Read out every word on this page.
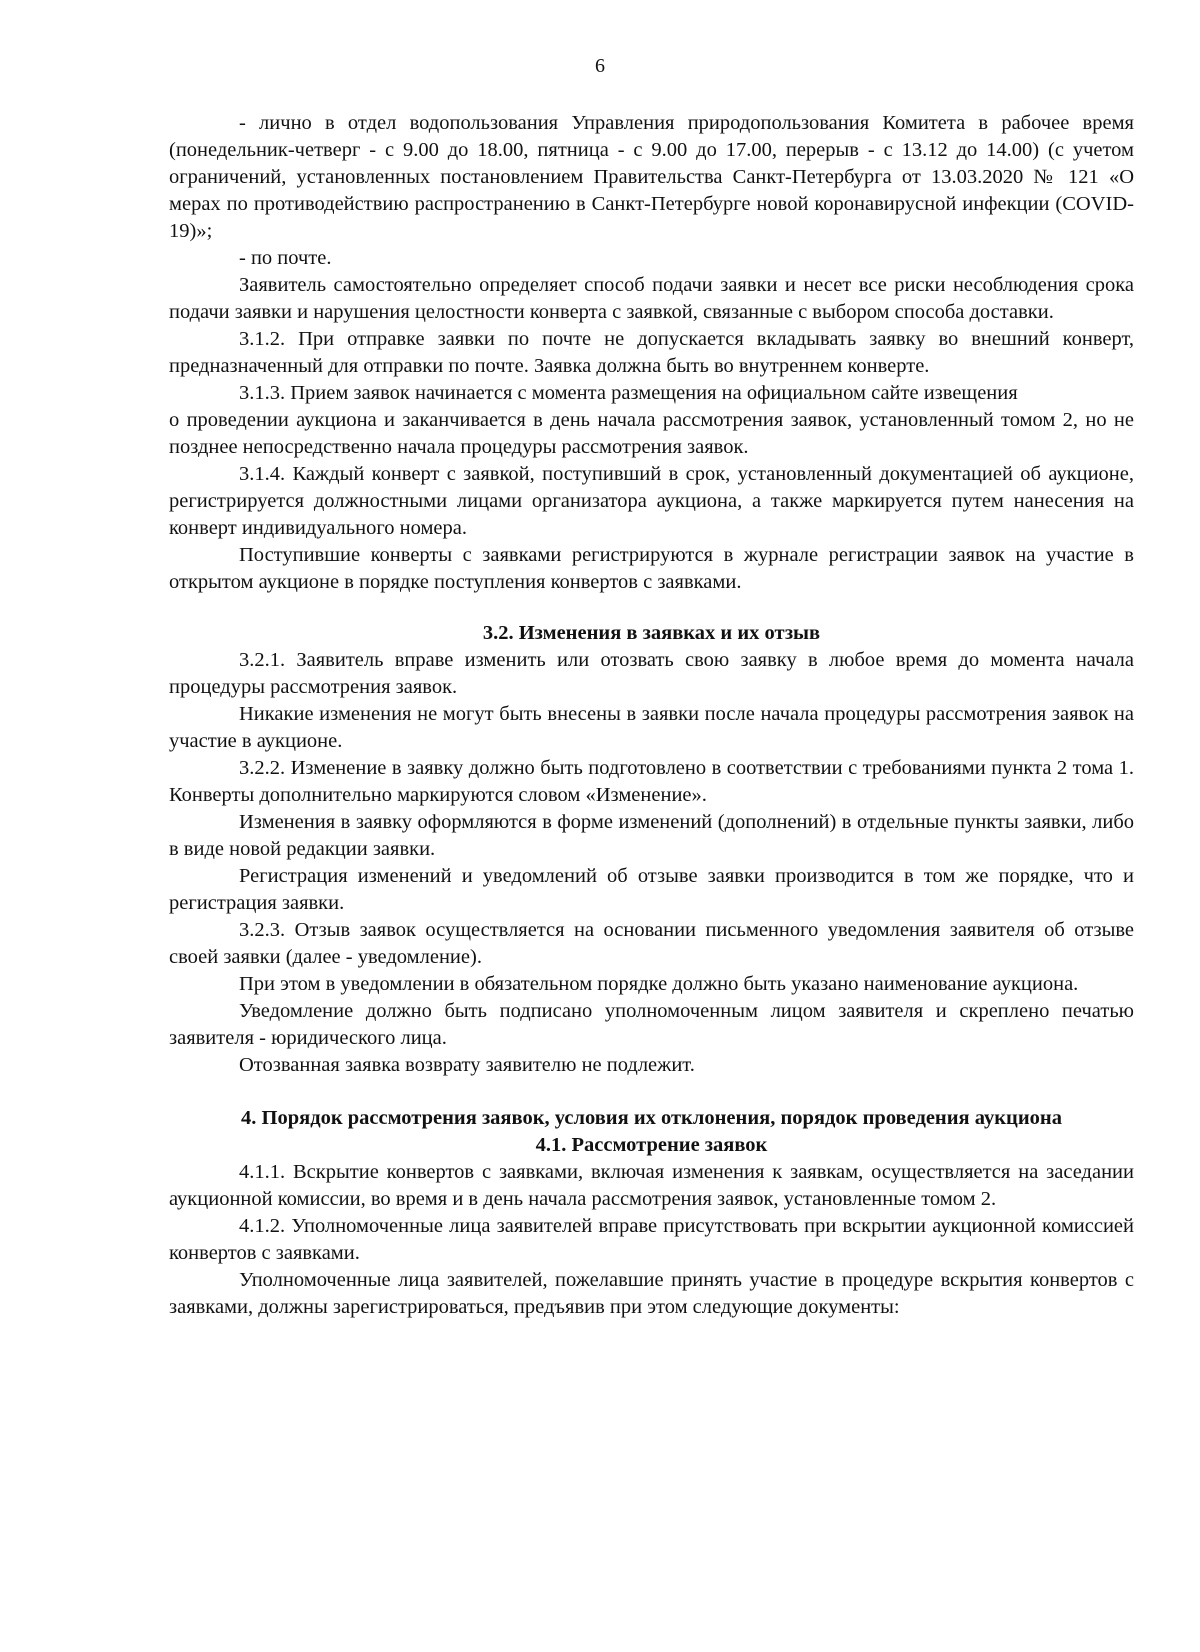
6

- лично в отдел водопользования Управления природопользования Комитета в рабочее время (понедельник-четверг - с 9.00 до 18.00, пятница - с 9.00 до 17.00, перерыв - с 13.12 до 14.00) (с учетом ограничений, установленных постановлением Правительства Санкт-Петербурга от 13.03.2020 № 121 «О мерах по противодействию распространению в Санкт-Петербурге новой коронавирусной инфекции (COVID-19)»;

- по почте.

Заявитель самостоятельно определяет способ подачи заявки и несет все риски несоблюдения срока подачи заявки и нарушения целостности конверта с заявкой, связанные с выбором способа доставки.

3.1.2. При отправке заявки по почте не допускается вкладывать заявку во внешний конверт, предназначенный для отправки по почте. Заявка должна быть во внутреннем конверте.

3.1.3. Прием заявок начинается с момента размещения на официальном сайте извещения

о проведении аукциона и заканчивается в день начала рассмотрения заявок, установленный томом 2, но не позднее непосредственно начала процедуры рассмотрения заявок.

3.1.4. Каждый конверт с заявкой, поступивший в срок, установленный документацией об аукционе, регистрируется должностными лицами организатора аукциона, а также маркируется путем нанесения на конверт индивидуального номера.

Поступившие конверты с заявками регистрируются в журнале регистрации заявок на участие в открытом аукционе в порядке поступления конвертов с заявками.

3.2. Изменения в заявках и их отзыв

3.2.1. Заявитель вправе изменить или отозвать свою заявку в любое время до момента начала процедуры рассмотрения заявок.

Никакие изменения не могут быть внесены в заявки после начала процедуры рассмотрения заявок на участие в аукционе.

3.2.2. Изменение в заявку должно быть подготовлено в соответствии с требованиями пункта 2 тома 1. Конверты дополнительно маркируются словом «Изменение».

Изменения в заявку оформляются в форме изменений (дополнений) в отдельные пункты заявки, либо в виде новой редакции заявки.

Регистрация изменений и уведомлений об отзыве заявки производится в том же порядке, что и регистрация заявки.

3.2.3. Отзыв заявок осуществляется на основании письменного уведомления заявителя об отзыве своей заявки (далее - уведомление).

При этом в уведомлении в обязательном порядке должно быть указано наименование аукциона.

Уведомление должно быть подписано уполномоченным лицом заявителя и скреплено печатью заявителя - юридического лица.

Отозванная заявка возврату заявителю не подлежит.

4. Порядок рассмотрения заявок, условия их отклонения, порядок проведения аукциона
4.1. Рассмотрение заявок

4.1.1. Вскрытие конвертов с заявками, включая изменения к заявкам, осуществляется на заседании аукционной комиссии, во время и в день начала рассмотрения заявок, установленные томом 2.

4.1.2. Уполномоченные лица заявителей вправе присутствовать при вскрытии аукционной комиссией конвертов с заявками.

Уполномоченные лица заявителей, пожелавшие принять участие в процедуре вскрытия конвертов с заявками, должны зарегистрироваться, предъявив при этом следующие документы:
